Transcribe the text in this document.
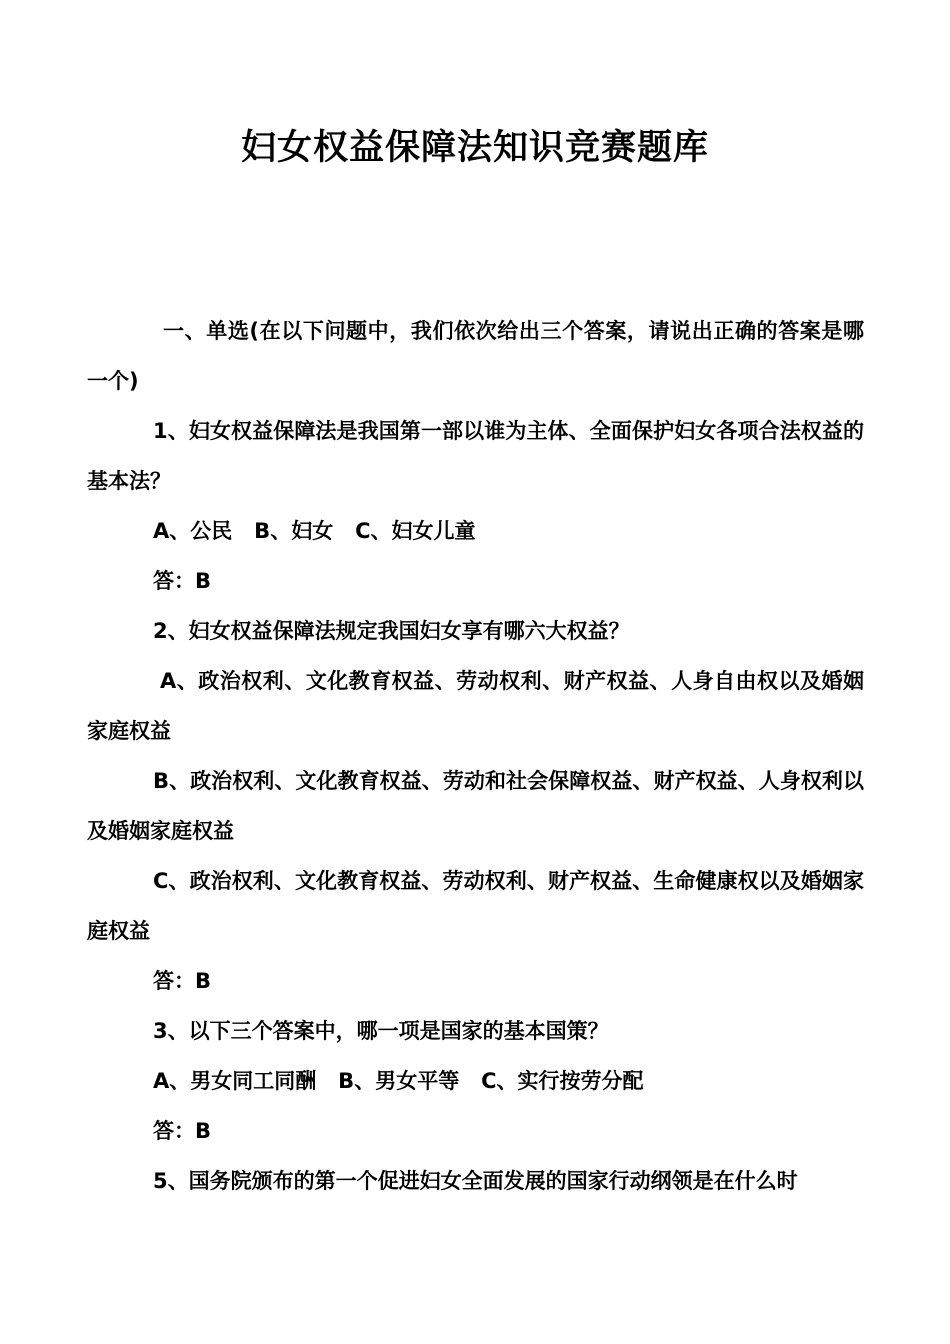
妇女权益保障法知识竞赛题库

一、单选(在以下问题中，我们依次给出三个答案，请说出正确的答案是哪一个)

1、妇女权益保障法是我国第一部以谁为主体、全面保护妇女各项合法权益的基本法？

A、公民   B、妇女   C、妇女儿童

答：B

2、妇女权益保障法规定我国妇女享有哪六大权益？

A、政治权利、文化教育权益、劳动权利、财产权益、人身自由权以及婚姻家庭权益

B、政治权利、文化教育权益、劳动和社会保障权益、财产权益、人身权利以及婚姻家庭权益

C、政治权利、文化教育权益、劳动权利、财产权益、生命健康权以及婚姻家庭权益

答：B

3、以下三个答案中，哪一项是国家的基本国策？

A、男女同工同酬   B、男女平等   C、实行按劳分配

答：B

5、国务院颁布的第一个促进妇女全面发展的国家行动纲领是在什么时
